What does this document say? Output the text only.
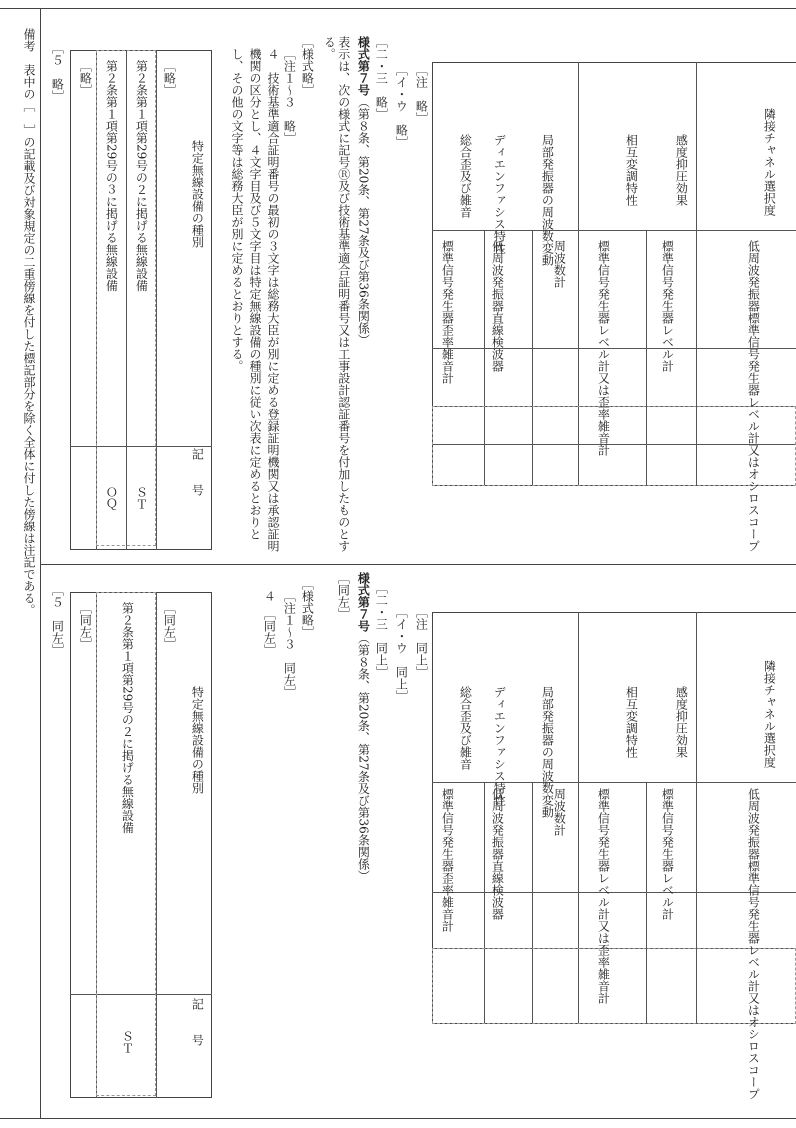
備考　表中の［　］の記載及び対象規定の二重傍線を付した標記部分を除く全体に付した傍線は注記である。	隣接チャネル選択度
低周波発振器標準信号発生器レベル計又はオシロスコープ
感度抑圧効果
標準信号発生器レベル計
相互変調特性
標準信号発生器レベル計又は歪率雑音計
局部発振器の周波数変動
周波数計
ディエンファシス特性
低周波発振器直線検波器
総合歪及び雑音
標準信号発生器歪率雑音計
［注　略］
［イ・ウ　略］
［二・三　略］
様式第７号（第８条、第20条、第27条及び第36条関係）
表示は、次の様式に記号Ⓡ及び技術基準適合証明番号又は工事設計認証番号を付加したものとする。
［様式略］
［注１～３　略］
４　技術基準適合証明番号の最初の３文字は総務大臣が別に定める登録証明機関又は承認証明機関の区分とし、４文字目及び５文字目は特定無線設備の種別に従い次表に定めるとおりとし、その他の文字等は総務大臣が別に定めるとおりとする。
特定無線設備の種別
記　　号
［略］
第２条第１項第29号の２に掲げる無線設備
ＳＴ
第２条第１項第29号の３に掲げる無線設備
ＯＱ
［略］
［５　略］
隣接チャネル選択度
低周波発振器標準信号発生器レベル計又はオシロスコープ
感度抑圧効果
標準信号発生器レベル計
相互変調特性
標準信号発生器レベル計又は歪率雑音計
局部発振器の周波数変動
周波数計
ディエンファシス特性
低周波発振器直線検波器
総合歪及び雑音
標準信号発生器歪率雑音計
［注　同上］
［イ・ウ　同上］
［二・三　同上］
様式第７号（第８条、第20条、第27条及び第36条関係）
［同左］
［様式略］
［注１～３　同左］
４　［同左］
特定無線設備の種別
記　　号
［同左］
第２条第１項第29号の２に掲げる無線設備
ＳＴ
［同左］
［５　同左］
